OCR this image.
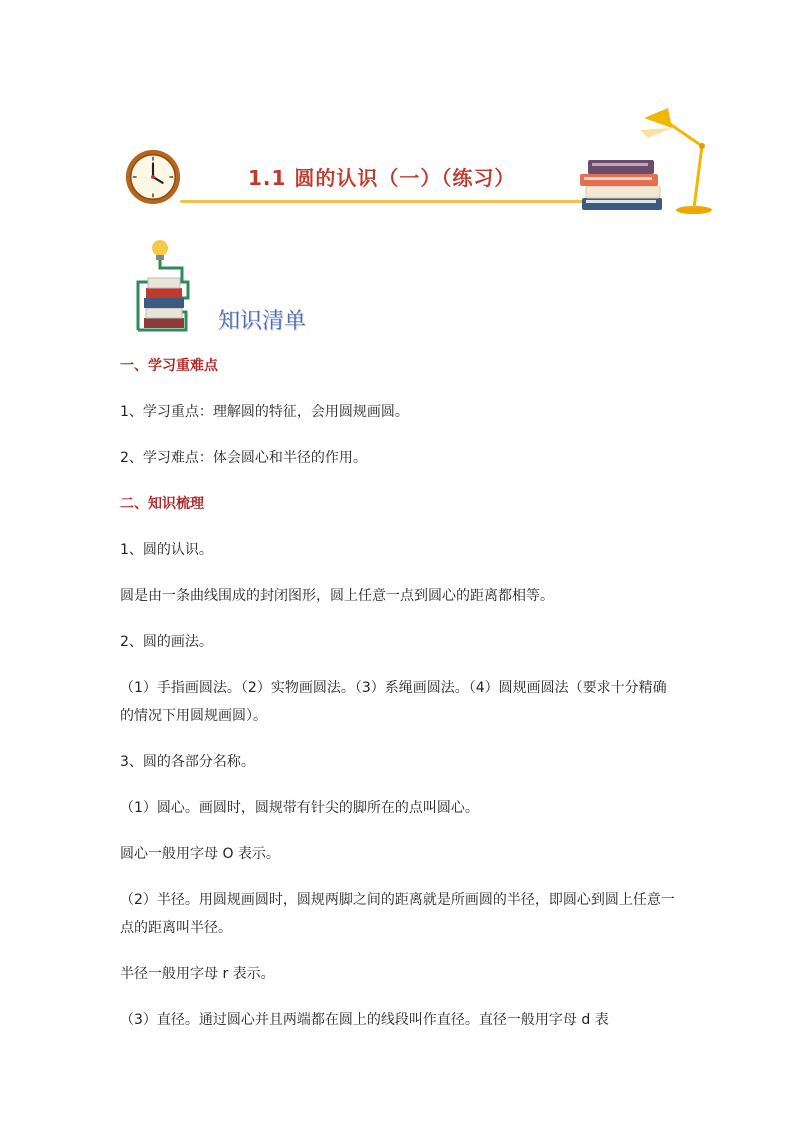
1.1 圆的认识（一）（练习）
知识清单

一、学习重难点

1、学习重点：理解圆的特征，会用圆规画圆。

2、学习难点：体会圆心和半径的作用。

二、知识梳理

1、圆的认识。

圆是由一条曲线围成的封闭图形，圆上任意一点到圆心的距离都相等。

2、圆的画法。

（1）手指画圆法。（2）实物画圆法。（3）系绳画圆法。（4）圆规画圆法（要求十分精确的情况下用圆规画圆）。

3、圆的各部分名称。

（1）圆心。画圆时，圆规带有针尖的脚所在的点叫圆心。

圆心一般用字母 O 表示。

（2）半径。用圆规画圆时，圆规两脚之间的距离就是所画圆的半径，即圆心到圆上任意一点的距离叫半径。

半径一般用字母 r 表示。

（3）直径。通过圆心并且两端都在圆上的线段叫作直径。直径一般用字母 d 表
